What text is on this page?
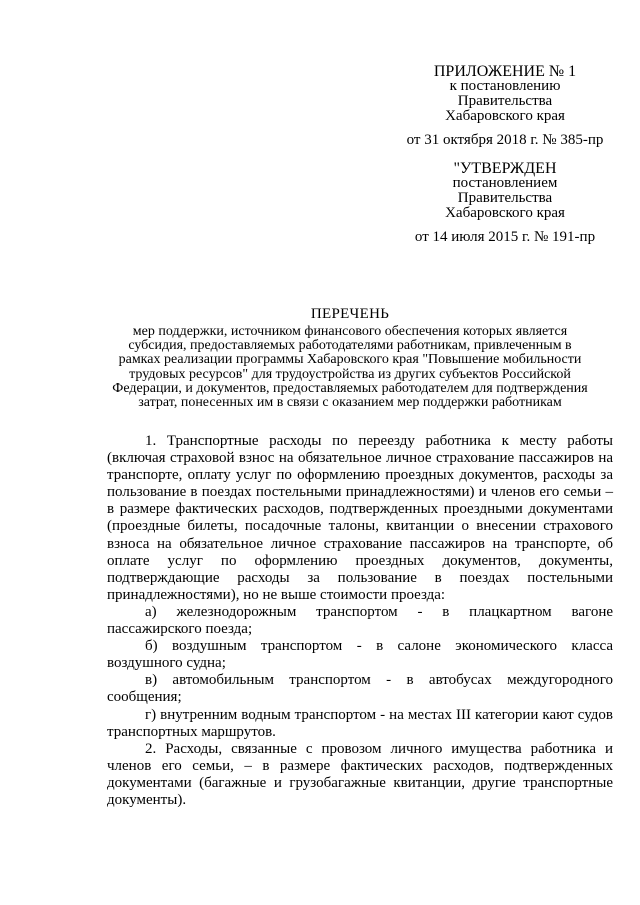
ПРИЛОЖЕНИЕ № 1
к постановлению
Правительства
Хабаровского края
от 31 октября 2018 г. № 385-пр
"УТВЕРЖДЕН
постановлением
Правительства
Хабаровского края
от 14 июля 2015 г. № 191-пр
ПЕРЕЧЕНЬ
мер поддержки, источником финансового обеспечения которых является субсидия, предоставляемых работодателями работникам, привлеченным в рамках реализации программы Хабаровского края "Повышение мобильности трудовых ресурсов" для трудоустройства из других субъектов Российской Федерации, и документов, предоставляемых работодателем для подтверждения затрат, понесенных им в связи с оказанием мер поддержки работникам

1. Транспортные расходы по переезду работника к месту работы (включая страховой взнос на обязательное личное страхование пассажиров на транспорте, оплату услуг по оформлению проездных документов, расходы за пользование в поездах постельными принадлежностями) и членов его семьи – в размере фактических расходов, подтвержденных проездными документами (проездные билеты, посадочные талоны, квитанции о внесении страхового взноса на обязательное личное страхование пассажиров на транспорте, об оплате услуг по оформлению проездных документов, документы, подтверждающие расходы за пользование в поездах постельными принадлежностями), но не выше стоимости проезда:

а) железнодорожным транспортом - в плацкартном вагоне пассажирского поезда;

б) воздушным транспортом - в салоне экономического класса воздушного судна;

в) автомобильным транспортом - в автобусах междугородного сообщения;

г) внутренним водным транспортом - на местах III категории кают судов транспортных маршрутов.

2. Расходы, связанные с провозом личного имущества работника и членов его семьи, – в размере фактических расходов, подтвержденных документами (багажные и грузобагажные квитанции, другие транспортные документы).
